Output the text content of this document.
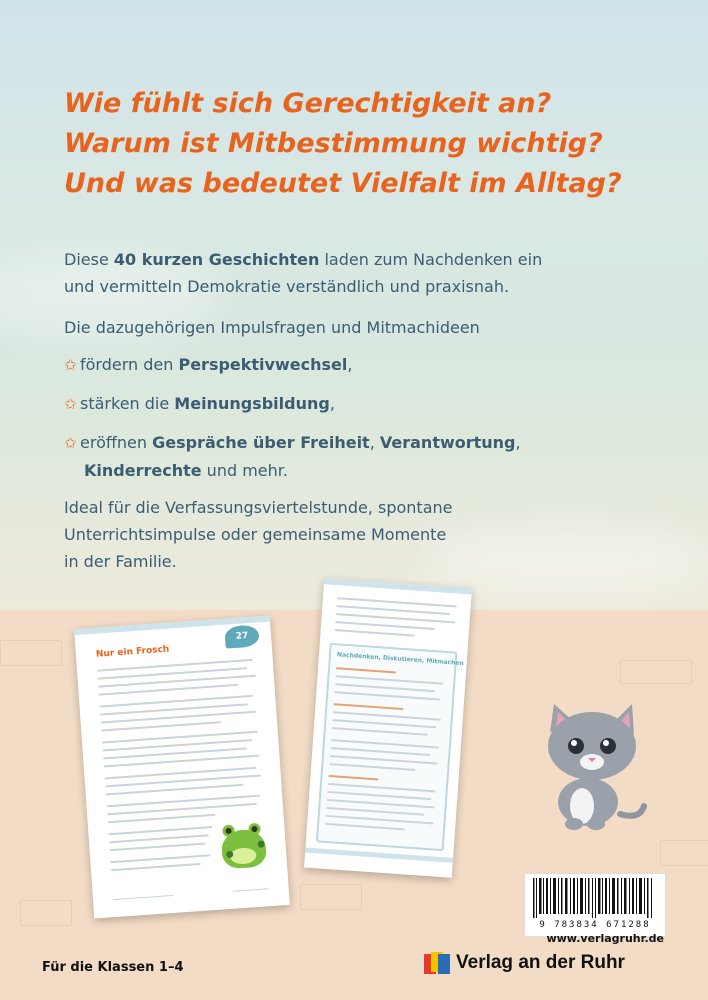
Wie fühlt sich Gerechtigkeit an?
Warum ist Mitbestimmung wichtig?
Und was bedeutet Vielfalt im Alltag?
Diese 40 kurzen Geschichten laden zum Nachdenken ein
und vermitteln Demokratie verständlich und praxisnah.
Die dazugehörigen Impulsfragen und Mitmachideen
✩ fördern den Perspektivwechsel,
✩ stärken die Meinungsbildung,
✩ eröffnen Gespräche über Freiheit, Verantwortung,
Kinderrechte und mehr.
Ideal für die Verfassungsviertelstunde, spontane
Unterrichtsimpulse oder gemeinsame Momente
in der Familie.
27
Nur ein Frosch	Nachdenken, Diskutieren, Mitmachen
9 783834 671288
www.verlagruhr.de
Verlag an der Ruhr
Für die Klassen 1–4
